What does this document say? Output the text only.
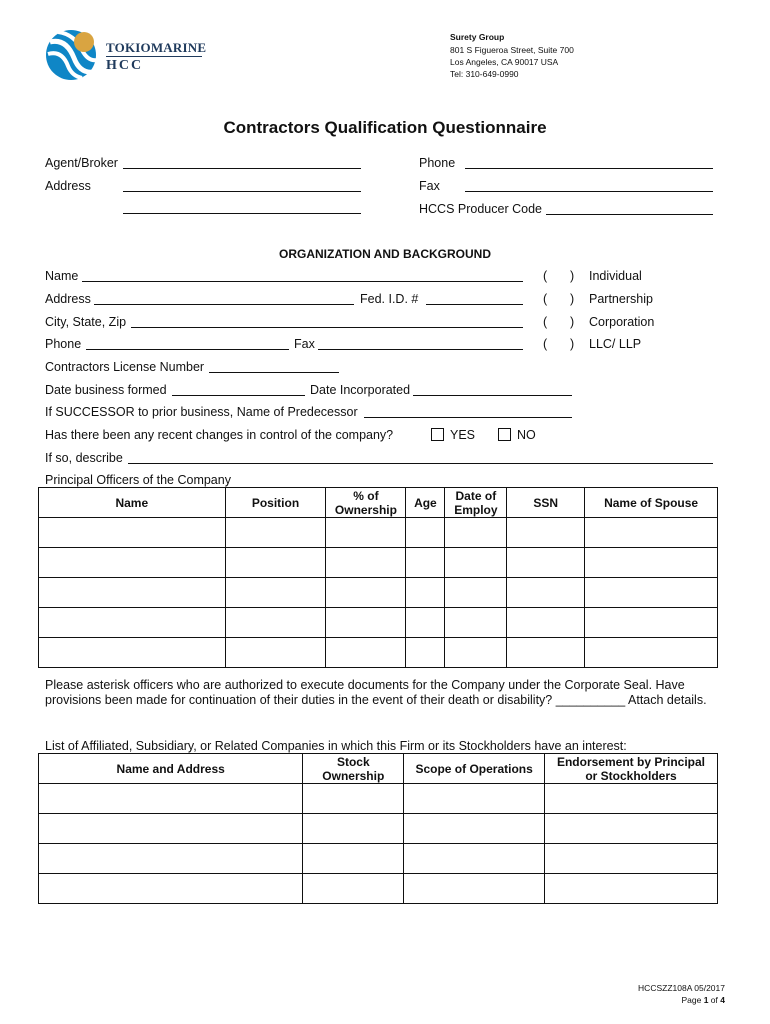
TOKIOMARINE
HCC
Surety Group
801 S Figueroa Street, Suite 700
Los Angeles, CA 90017 USA
Tel: 310-649-0990
Contractors Qualification Questionnaire
Agent/Broker
Address
Phone
Fax
HCCS Producer Code
ORGANIZATION AND BACKGROUND
Name
Address	Fed. I.D. #
City, State, Zip
Phone	Fax
( ) Individual
( ) Partnership
( ) Corporation
( ) LLC/ LLP
Contractors License Number
Date business formed	Date Incorporated
If SUCCESSOR to prior business, Name of Predecessor
Has there been any recent changes in control of the company?	YES	NO
If so, describe
Principal Officers of the Company
Name	Position	% of Ownership	Age	Date of Employ	SSN	Name of Spouse

Please asterisk officers who are authorized to execute documents for the Company under the Corporate Seal. Have provisions been made for continuation of their duties in the event of their death or disability? __________ Attach details.
List of Affiliated, Subsidiary, or Related Companies in which this Firm or its Stockholders have an interest:
Name and Address	Stock Ownership	Scope of Operations	Endorsement by Principal or Stockholders

HCCSZZ108A 05/2017
Page 1 of 4
